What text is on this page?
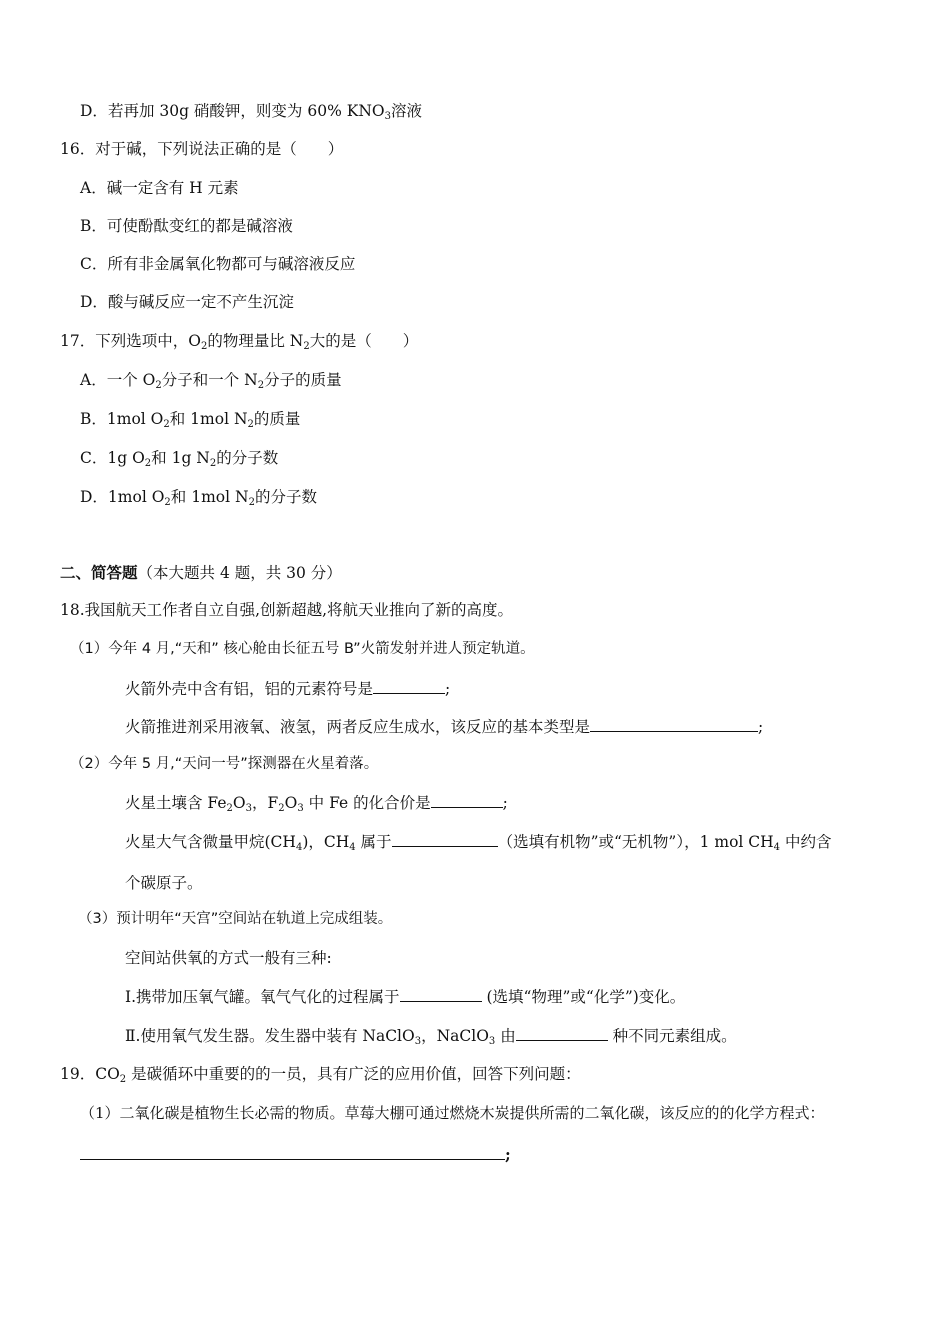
D．若再加 30g 硝酸钾，则变为 60% $KNO_3$溶液
16．对于碱，下列说法正确的是（　　）
A．碱一定含有 H 元素
B．可使酚酞变红的都是碱溶液
C．所有非金属氧化物都可与碱溶液反应
D．酸与碱反应一定不产生沉淀
17．下列选项中，$O_2$的物理量比 $N_2$大的是（　　）
A．一个 $O_2$分子和一个 $N_2$分子的质量
B．1mol $O_2$和 1mol $N_2$的质量
C．1g $O_2$和 1g $N_2$的分子数
D．1mol $O_2$和 1mol $N_2$的分子数
二、简答题（本大题共 4 题，共 30 分）
18.我国航天工作者自立自强,创新超越,将航天业推向了新的高度。
（1）今年 4 月,“天和” 核心舱由长征五号 B”火箭发射并进人预定轨道。
火箭外壳中含有铝，铝的元素符号是	;
火箭推进剂采用液氧、液氢，两者反应生成水，该反应的基本类型是	;
（2）今年 5 月,“天问一号”探测器在火星着落。
火星土壤含 $Fe_2O_3$，$F_2O_3$ 中 Fe 的化合价是	;
火星大气含微量甲烷$(CH_4)$，$CH_4$ 属于	（选填有机物”或“无机物”），1 mol $CH_4$ 中约含
个碳原子。
（3）预计明年“天宫”空间站在轨道上完成组装。
空间站供氧的方式一般有三种:
Ⅰ.携带加压氧气罐。氧气气化的过程属于	(选填“物理”或“化学”)变化。
Ⅱ.使用氧气发生器。发生器中装有 NaClO$_3$，NaClO$_3$ 由	种不同元素组成。
19．$CO_2$ 是碳循环中重要的的一员，具有广泛的应用价值，回答下列问题：
（1）二氧化碳是植物生长必需的物质。草莓大棚可通过燃烧木炭提供所需的二氧化碳，该反应的的化学方程式：
;
